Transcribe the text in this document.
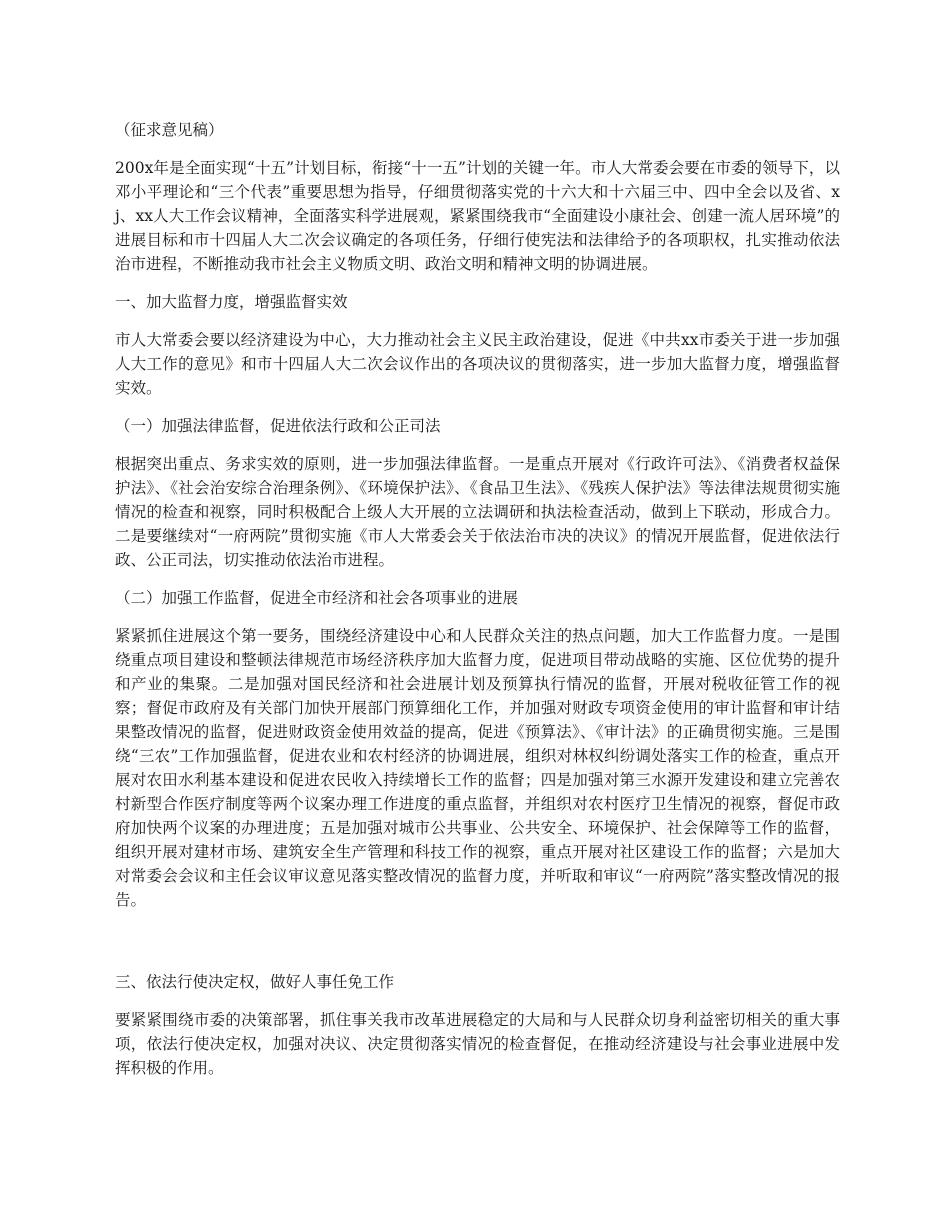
（征求意见稿）

200x年是全面实现“十五”计划目标，衔接“十一五”计划的关键一年。市人大常委会要在市委的领导下，以邓小平理论和“三个代表”重要思想为指导，仔细贯彻落实党的十六大和十六届三中、四中全会以及省、xj、xx人大工作会议精神，全面落实科学进展观，紧紧围绕我市“全面建设小康社会、创建一流人居环境”的进展目标和市十四届人大二次会议确定的各项任务，仔细行使宪法和法律给予的各项职权，扎实推动依法治市进程，不断推动我市社会主义物质文明、政治文明和精神文明的协调进展。

一、加大监督力度，增强监督实效

市人大常委会要以经济建设为中心，大力推动社会主义民主政治建设，促进《中共xx市委关于进一步加强人大工作的意见》和市十四届人大二次会议作出的各项决议的贯彻落实，进一步加大监督力度，增强监督实效。

（一）加强法律监督，促进依法行政和公正司法

根据突出重点、务求实效的原则，进一步加强法律监督。一是重点开展对《行政许可法》、《消费者权益保护法》、《社会治安综合治理条例》、《环境保护法》、《食品卫生法》、《残疾人保护法》等法律法规贯彻实施情况的检查和视察，同时积极配合上级人大开展的立法调研和执法检查活动，做到上下联动，形成合力。二是要继续对“一府两院”贯彻实施《市人大常委会关于依法治市决的决议》的情况开展监督，促进依法行政、公正司法，切实推动依法治市进程。

（二）加强工作监督，促进全市经济和社会各项事业的进展

紧紧抓住进展这个第一要务，围绕经济建设中心和人民群众关注的热点问题，加大工作监督力度。一是围绕重点项目建设和整顿法律规范市场经济秩序加大监督力度，促进项目带动战略的实施、区位优势的提升和产业的集聚。二是加强对国民经济和社会进展计划及预算执行情况的监督，开展对税收征管工作的视察；督促市政府及有关部门加快开展部门预算细化工作，并加强对财政专项资金使用的审计监督和审计结果整改情况的监督，促进财政资金使用效益的提高，促进《预算法》、《审计法》的正确贯彻实施。三是围绕“三农”工作加强监督，促进农业和农村经济的协调进展，组织对林权纠纷调处落实工作的检查，重点开展对农田水利基本建设和促进农民收入持续增长工作的监督；四是加强对第三水源开发建设和建立完善农村新型合作医疗制度等两个议案办理工作进度的重点监督，并组织对农村医疗卫生情况的视察，督促市政府加快两个议案的办理进度；五是加强对城市公共事业、公共安全、环境保护、社会保障等工作的监督，组织开展对建材市场、建筑安全生产管理和科技工作的视察，重点开展对社区建设工作的监督；六是加大对常委会会议和主任会议审议意见落实整改情况的监督力度，并听取和审议“一府两院”落实整改情况的报告。

三、依法行使决定权，做好人事任免工作

要紧紧围绕市委的决策部署，抓住事关我市改革进展稳定的大局和与人民群众切身利益密切相关的重大事项，依法行使决定权，加强对决议、决定贯彻落实情况的检查督促，在推动经济建设与社会事业进展中发挥积极的作用。
